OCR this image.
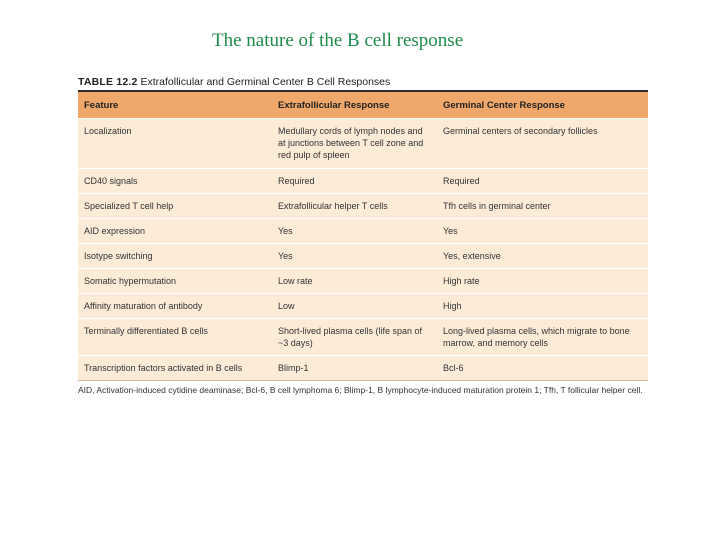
The nature of the B cell response
TABLE 12.2 Extrafollicular and Germinal Center B Cell Responses
Feature	Extrafollicular Response	Germinal Center Response
Localization	Medullary cords of lymph nodes and at junctions between T cell zone and red pulp of spleen	Germinal centers of secondary follicles
CD40 signals	Required	Required
Specialized T cell help	Extrafollicular helper T cells	Tfh cells in germinal center
AID expression	Yes	Yes
Isotype switching	Yes	Yes, extensive
Somatic hypermutation	Low rate	High rate
Affinity maturation of antibody	Low	High
Terminally differentiated B cells	Short-lived plasma cells (life span of ~3 days)	Long-lived plasma cells, which migrate to bone marrow, and memory cells
Transcription factors activated in B cells	Blimp-1	Bcl-6
AID, Activation-induced cytidine deaminase; Bcl-6, B cell lymphoma 6; Blimp-1, B lymphocyte-induced maturation protein 1; Tfh, T follicular helper cell.
